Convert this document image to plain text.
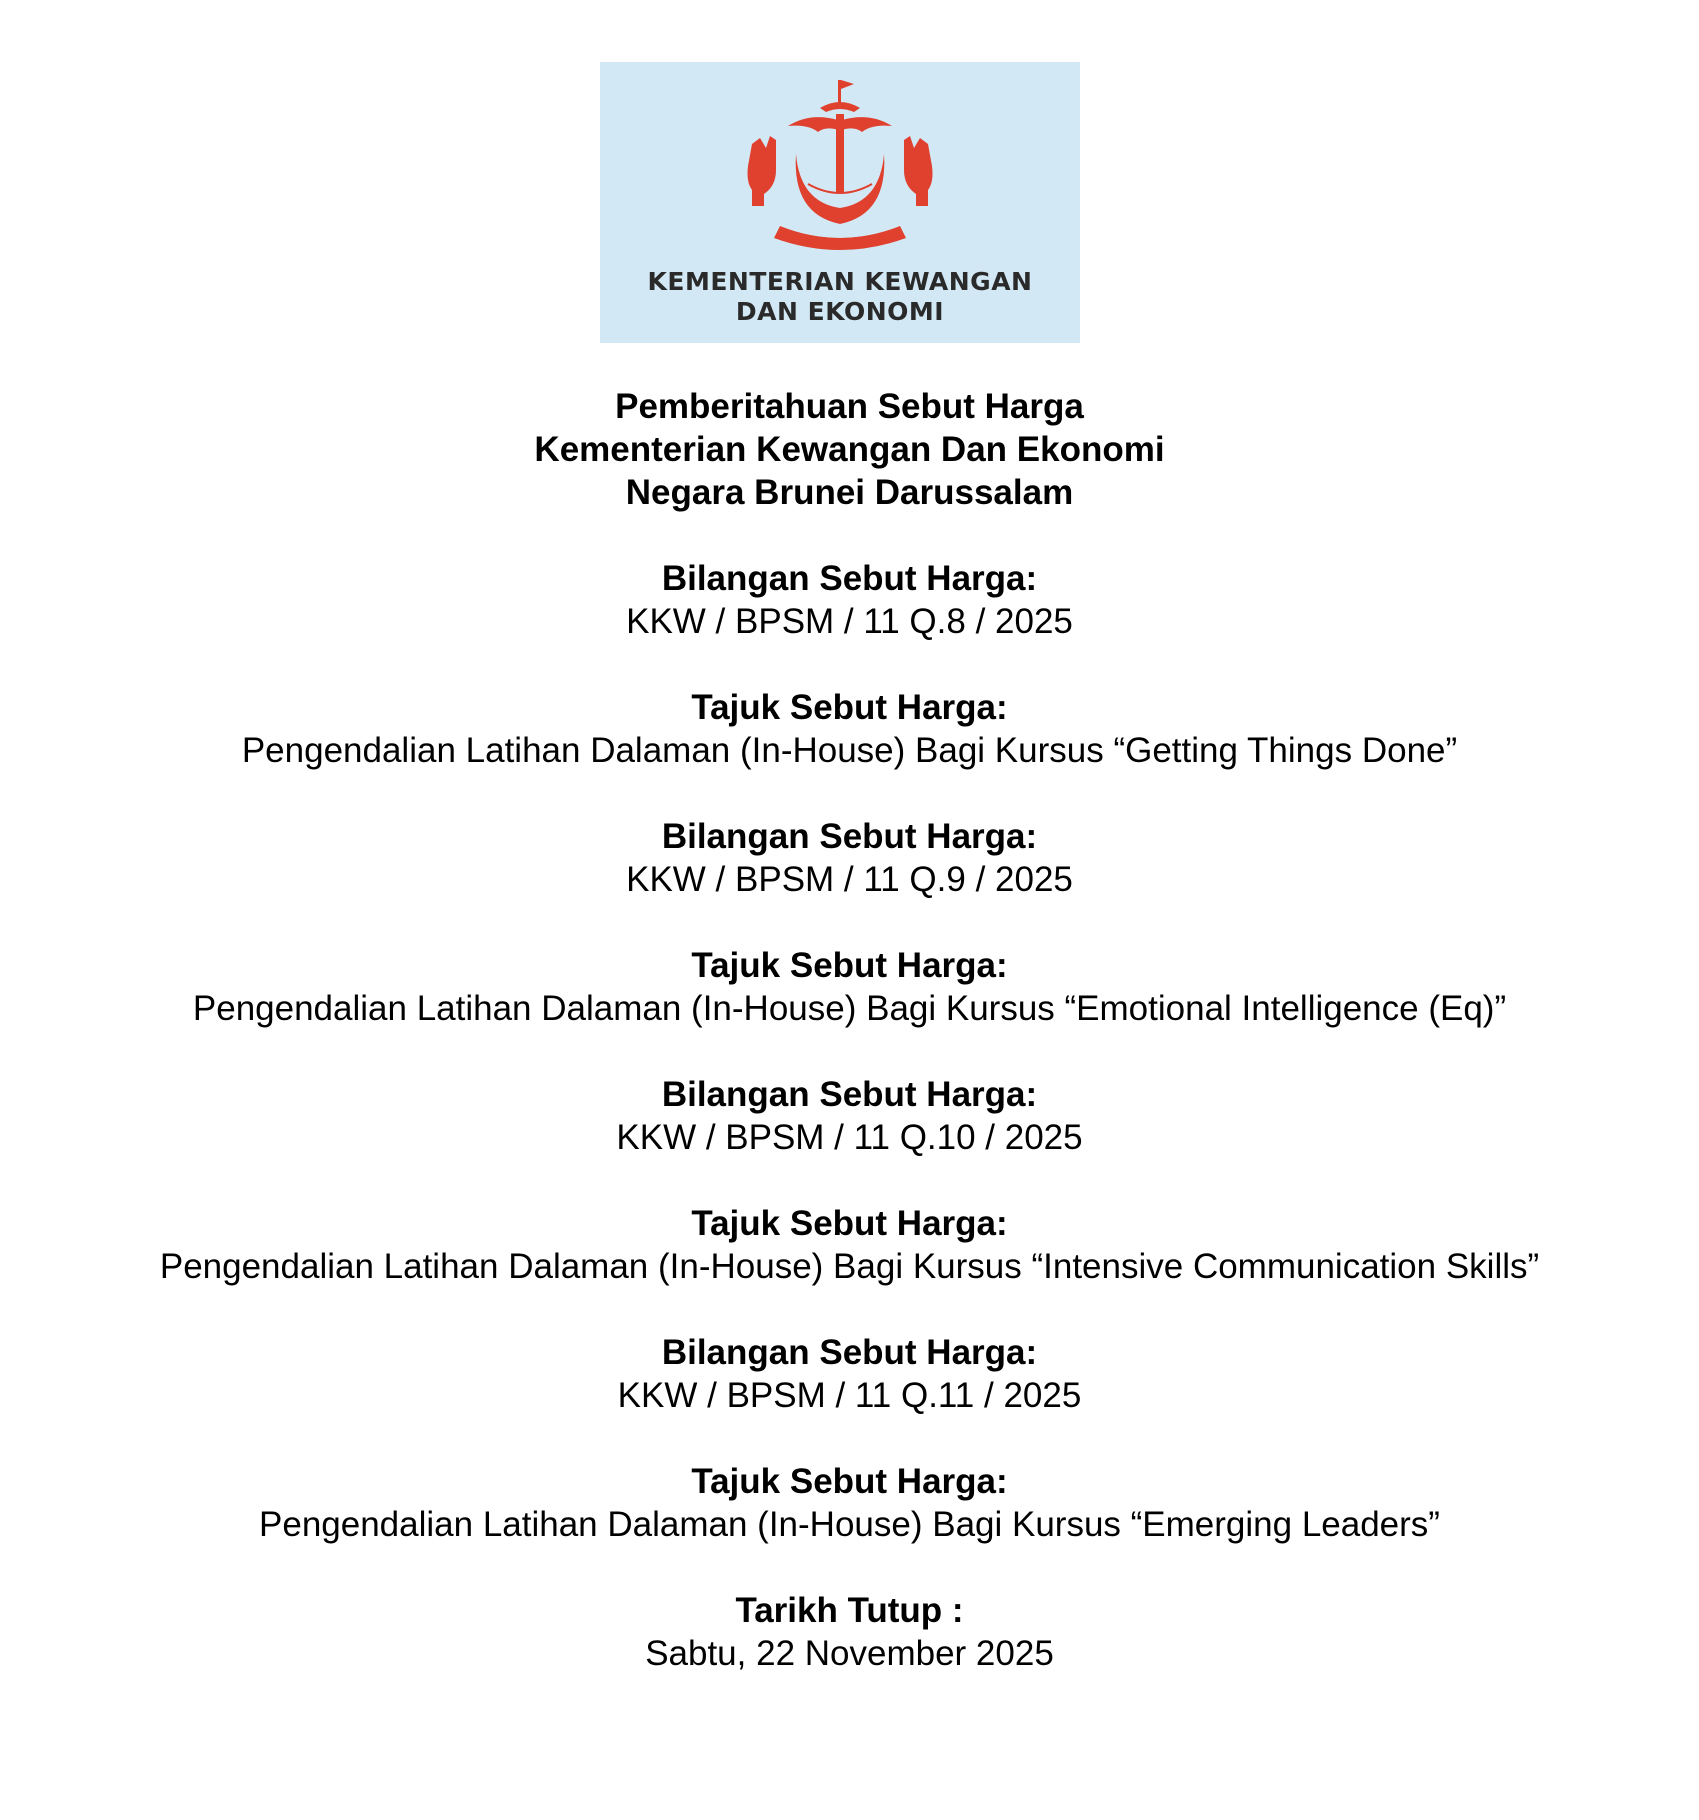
KEMENTERIAN KEWANGAN
DAN EKONOMI
Pemberitahuan Sebut Harga
Kementerian Kewangan Dan Ekonomi
Negara Brunei Darussalam
Bilangan Sebut Harga:
KKW / BPSM / 11 Q.8 / 2025
Tajuk Sebut Harga:
Pengendalian Latihan Dalaman (In-House) Bagi Kursus “Getting Things Done”
Bilangan Sebut Harga:
KKW / BPSM / 11 Q.9 / 2025
Tajuk Sebut Harga:
Pengendalian Latihan Dalaman (In-House) Bagi Kursus “Emotional Intelligence (Eq)”
Bilangan Sebut Harga:
KKW / BPSM / 11 Q.10 / 2025
Tajuk Sebut Harga:
Pengendalian Latihan Dalaman (In-House) Bagi Kursus “Intensive Communication Skills”
Bilangan Sebut Harga:
KKW / BPSM / 11 Q.11 / 2025
Tajuk Sebut Harga:
Pengendalian Latihan Dalaman (In-House) Bagi Kursus “Emerging Leaders”
Tarikh Tutup :
Sabtu, 22 November 2025
